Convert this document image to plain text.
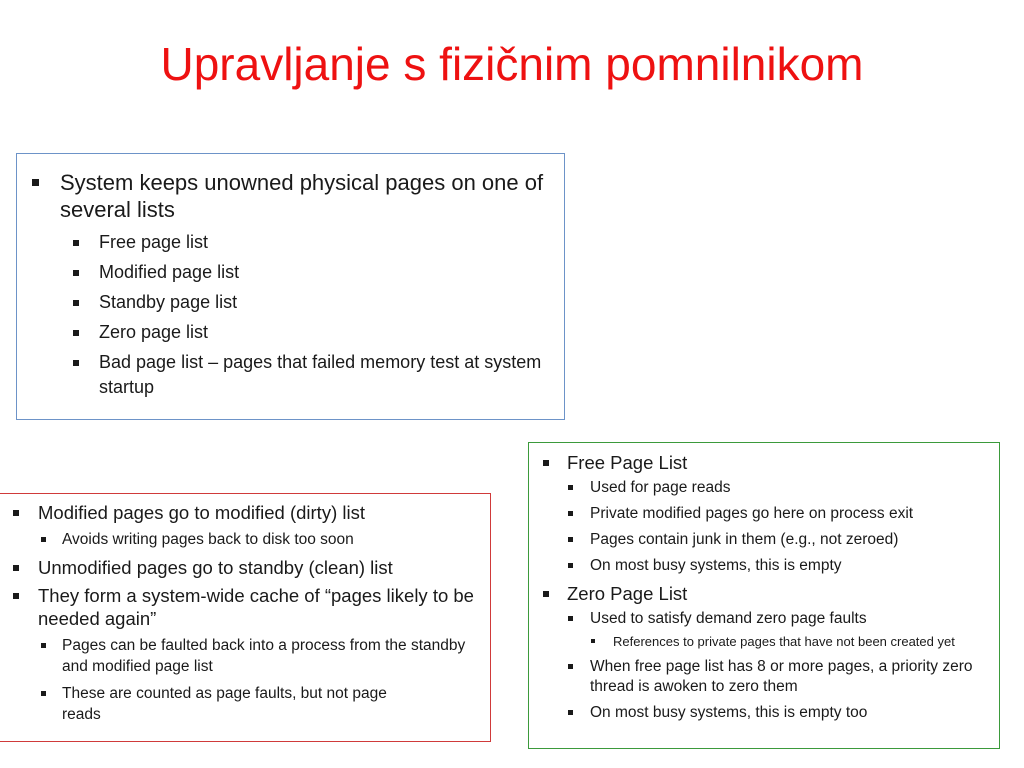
Upravljanje s fizičnim pomnilnikom
System keeps unowned physical pages on one of several lists
Free page list
Modified page list
Standby page list
Zero page list
Bad page list – pages that failed memory test at system startup
Modified pages go to modified (dirty) list
Avoids writing pages back to disk too soon
Unmodified pages go to standby (clean) list
They form a system-wide cache of “pages likely to be needed again”
Pages can be faulted back into a process from the standby and modified page list
These are counted as page faults, but not page reads
Free Page List
Used for page reads
Private modified pages go here on process exit
Pages contain junk in them (e.g., not zeroed)
On most busy systems, this is empty
Zero Page List
Used to satisfy demand zero page faults
References to private pages that have not been created yet
When free page list has 8 or more pages, a priority zero thread is awoken to zero them
On most busy systems, this is empty too
